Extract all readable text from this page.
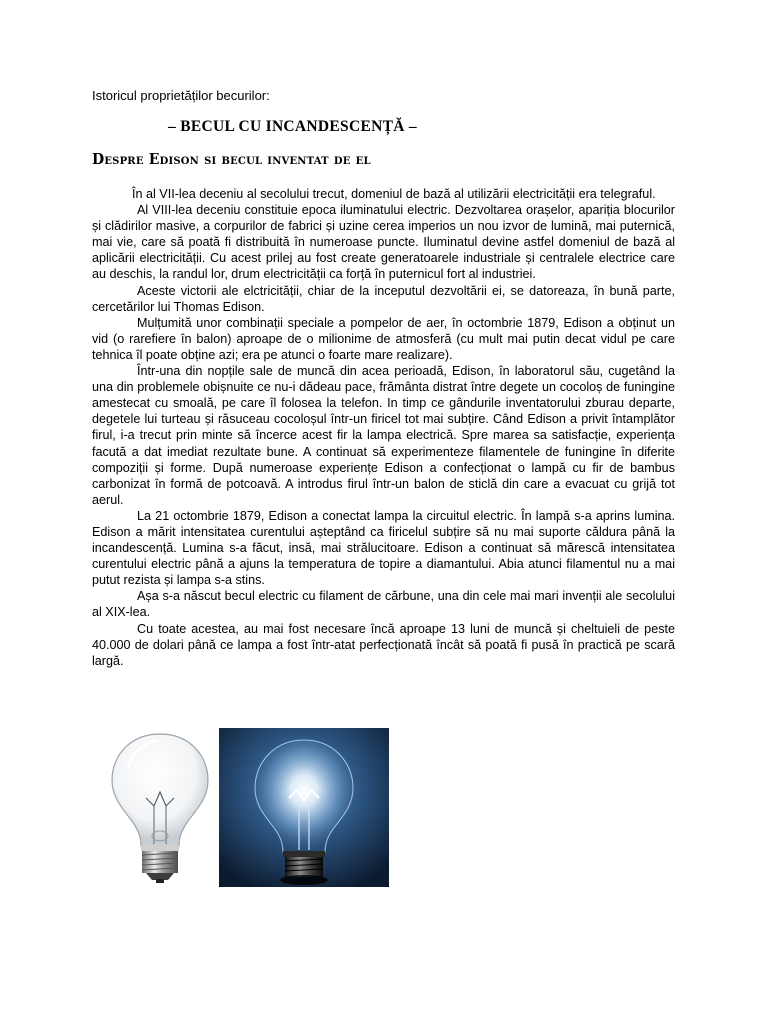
Istoricul proprietăților becurilor:
– BECUL CU INCANDESCENȚĂ –
Despre Edison si becul inventat de el

În al VII-lea deceniu al secolului trecut, domeniul de bază al utilizării electricității era telegraful.

Al VIII-lea deceniu constituie epoca iluminatului electric. Dezvoltarea orașelor, apariția blocurilor și clădirilor masive, a corpurilor de fabrici și uzine cerea imperios un nou izvor de lumină, mai puternică, mai vie, care să poată fi distribuită în numeroase puncte. Iluminatul devine astfel domeniul de bază al aplicării electricității. Cu acest prilej au fost create generatoarele industriale și centralele electrice care au deschis, la randul lor, drum electricității ca forță în puternicul fort al industriei.

Aceste victorii ale elctricității, chiar de la inceputul dezvoltării ei, se datoreaza, în bună parte, cercetărilor lui Thomas Edison.

Mulțumită unor combinații speciale a pompelor de aer, în octombrie 1879, Edison a obținut un vid (o rarefiere în balon) aproape de o milionime de atmosferă (cu mult mai putin decat vidul pe care tehnica îl poate obține azi; era pe atunci o foarte mare realizare).

Într-una din nopțile sale de muncă din acea perioadă, Edison, în laboratorul său, cugetând la una din problemele obișnuite ce nu-i dădeau pace, frământa distrat între degete un cocoloș de funingine amestecat cu smoală, pe care îl folosea la telefon. In timp ce gândurile inventatorului zburau departe, degetele lui turteau și răsuceau cocoloșul într-un firicel tot mai subțire. Când Edison a privit întamplător firul, i-a trecut prin minte să încerce acest fir la lampa electrică. Spre marea sa satisfacție, experiența facută a dat imediat rezultate bune. A continuat să experimenteze filamentele de funingine în diferite compoziții și forme. După numeroase experiențe Edison a confecționat o lampă cu fir de bambus carbonizat în formă de potcoavă. A introdus firul într-un balon de sticlă din care a evacuat cu grijă tot aerul.

La 21 octombrie 1879, Edison a conectat lampa la circuitul electric. În lampă s-a aprins lumina. Edison a mărit intensitatea curentului așteptând ca firicelul subțire să nu mai suporte căldura până la incandescență. Lumina s-a făcut, insă, mai strălucitoare. Edison a continuat să mărescă intensitatea curentului electric până a ajuns la temperatura de topire a diamantului. Abia atunci filamentul nu a mai putut rezista și lampa s-a stins.

Așa s-a născut becul electric cu filament de cărbune, una din cele mai mari invenții ale secolului al XIX-lea.

Cu toate acestea, au mai fost necesare încă aproape 13 luni de muncă și cheltuieli de peste 40.000 de dolari până ce lampa a fost într-atat perfecționată încât să poată fi pusă în practică pe scară largă.
